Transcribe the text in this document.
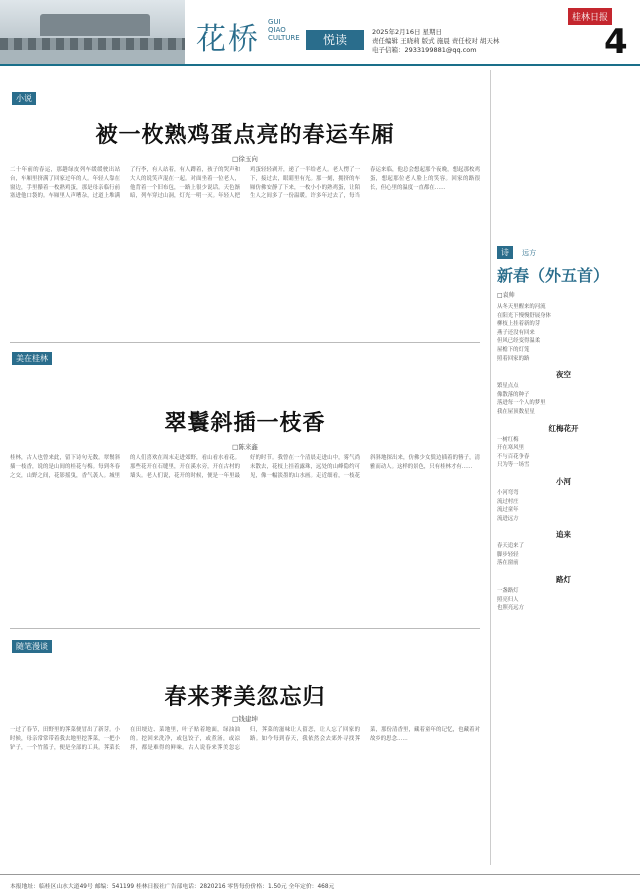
花桥 GUI QIAO CULTURE	悦读
2025年2月16日 星期日
责任编辑 王晓莉 版式 施晨 责任校对 胡天林
电子信箱：2933199881@qq.com
桂林日报
4
小说
被一枚熟鸡蛋点亮的春运车厢
□徐玉向
二十年前的春运，那趟绿皮列车缓缓驶出站台，车厢里挤满了回家过年的人。年轻人靠在窗边，手里攥着一枚熟鸡蛋，那是母亲临行前塞进他口袋的。车厢里人声嘈杂，过道上堆满了行李，有人站着，有人蹲着，孩子的哭声和大人的说笑声混在一起。对面坐着一位老人，他背着一个旧布包，一路上很少说话。天色渐暗，列车穿过山洞，灯光一明一灭。年轻人把鸡蛋轻轻剥开，递了一半给老人。老人愣了一下，接过去，眼睛里有光。那一刻，拥挤的车厢仿佛安静了下来，一枚小小的熟鸡蛋，让陌生人之间多了一份温暖。许多年过去了，每当春运来临，他总会想起那个夜晚，想起那枚鸡蛋，想起那位老人脸上的笑容。回家的路很长，但心里的温度一直都在……
美在桂林
翠鬟斜插一枝香
□陈来鑫
桂林，古人也曾来此，留下诗句无数。翠鬟斜插一枝香，说的是山间的桂花与梅。每到冬春之交，山野之间，花影摇曳，香气袭人。城里的人们喜欢在周末走进郊野，看山看水看花。那些花开在石缝里，开在溪水旁，开在古村的墙头。老人们说，花开的时候，便是一年里最好的时节。我曾在一个清晨走进山中，雾气尚未散去，花枝上挂着露珠，远处的山峰隐约可见，像一幅淡墨的山水画。走近细看，一枝花斜斜地探出来，仿佛少女鬓边插着的簪子，清雅而动人。这样的景色，只有桂林才有……
随笔漫谈
春来荠美忽忘归
□钱建坤
一过了春节，田野里的荠菜便冒出了新芽。小时候，母亲常常带着我去地里挖荠菜，一把小铲子，一个竹篮子，便是全部的工具。荠菜长在田埂边、菜地里，叶子贴着地面，绿油油的。挖回来洗净，或包饺子，或煮汤，或凉拌，都是难得的鲜味。古人说春来荠美忽忘归，荠菜的滋味让人留恋，让人忘了回家的路。如今每到春天，我依然会去郊外寻找荠菜，那份清香里，藏着童年的记忆，也藏着对故乡的思念……
诗 远方
新春（外五首）
□袁帅
从冬天里醒来的河流
在阳光下慢慢舒展身体
柳枝上挂着新的芽
燕子还没有回来
但风已经变得温柔
屋檐下的灯笼
照着回家的路
夜空
繁星点点
像散落的种子
落进每一个人的梦里
我在屋顶数星星
红梅花开
一树红梅
开在寒风里
不与百花争春
只为等一场雪
小河
小河弯弯
流过村庄
流过童年
流进远方
追来
春天追来了
脚步轻轻
落在窗前
路灯
一盏路灯
照亮归人
也照亮远方
本报地址：临桂区山水大道49号 邮编：541199 桂林日报社广告部电话：2820216 零售每份价格：1.50元 全年定价：468元
